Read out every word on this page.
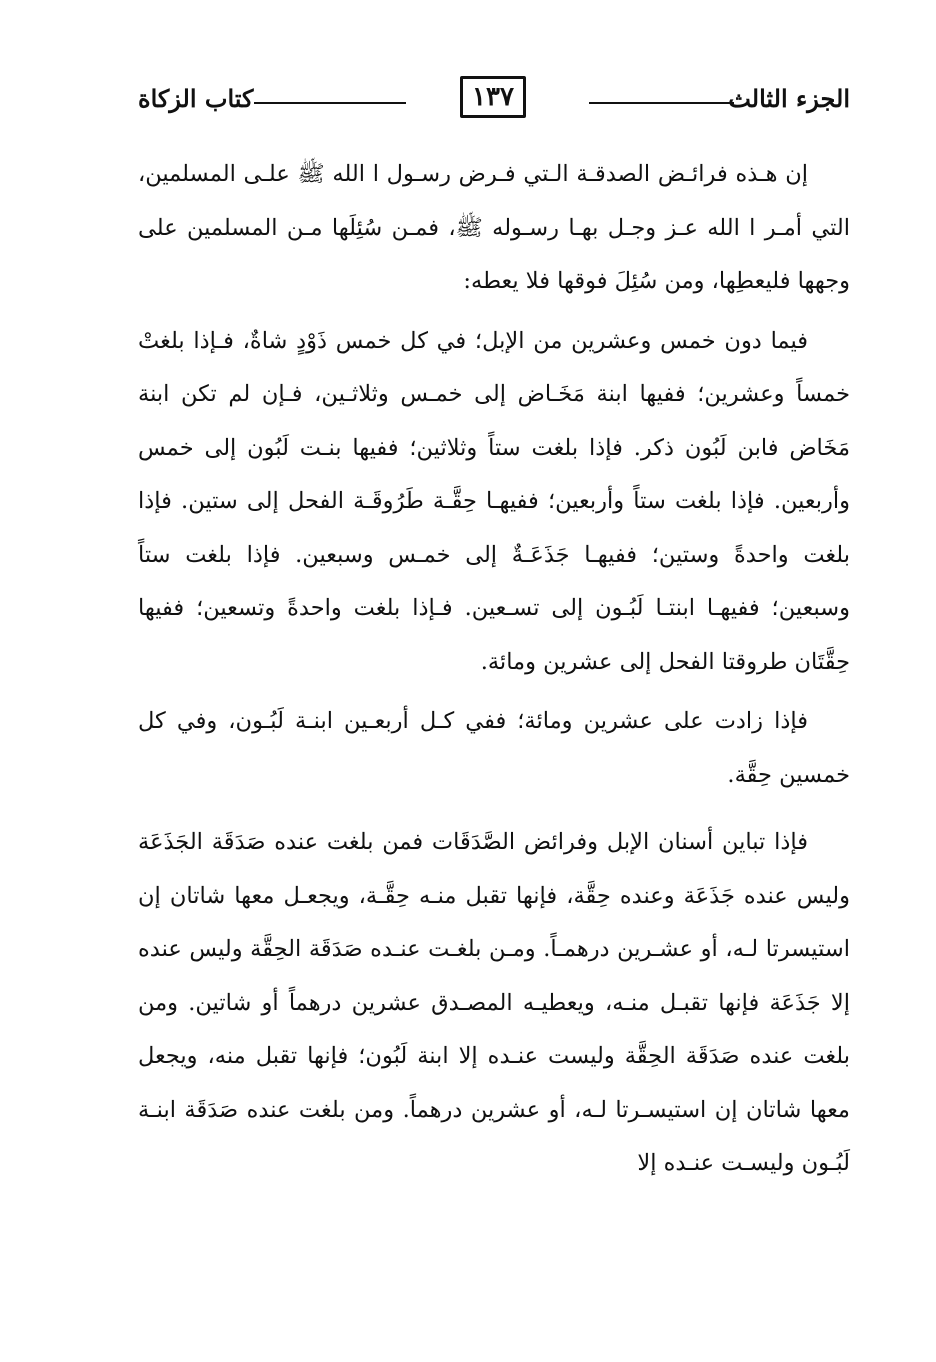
الجزء الثالث
١٣٧
كتاب الزكاة

إن هـذه فرائـض الصدقـة الـتي فـرض رسـول ا الله ﷺ علـى المسلمين، التي أمـر ا الله عـز وجـل بهـا رسـوله ﷺ، فمـن سُئِلَها مـن المسلمين على وجهها فليعطِها، ومن سُئِلَ فوقها فلا يعطه:

فيما دون خمس وعشرين من الإبل؛ في كل خمس ذَوْدٍ شاةٌ، فـإذا بلغتْ خمساً وعشرين؛ ففيها ابنة مَخَـاض إلى خمـس وثلاثـين، فـإن لم تكن ابنة مَخَاض فابن لَبُون ذكر. فإذا بلغت ستاً وثلاثين؛ ففيها بنـت لَبُون إلى خمس وأربعين. فإذا بلغت ستاً وأربعين؛ ففيهـا حِقَّـة طَرُوقَـة الفحل إلى ستين. فإذا بلغت واحدةً وستين؛ ففيهـا جَذَعَـةٌ إلى خمـس وسبعين. فإذا بلغت ستاً وسبعين؛ ففيهـا ابنتـا لَبُـون إلى تسـعين. فـإذا بلغت واحدةً وتسعين؛ ففيها حِقَّتَان طروقتا الفحل إلى عشرين ومائة.

فإذا زادت على عشرين ومائة؛ ففي كـل أربعـين ابنـة لَبُـون، وفي كل خمسين حِقَّة.

فإذا تباين أسنان الإبل وفرائض الصَّدَقَات فمن بلغت عنده صَدَقَة الجَذَعَة وليس عنده جَذَعَة وعنده حِقَّة، فإنها تقبل منـه حِقَّـة، ويجعـل معها شاتان إن استيسرتا لـه، أو عشـرين درهمـاً. ومـن بلغـت عنـده صَدَقَة الحِقَّة وليس عنده إلا جَذَعَة فإنها تقبـل منـه، ويعطيـه المصـدق عشرين درهماً أو شاتين. ومن بلغت عنده صَدَقَة الحِقَّة وليست عنـده إلا ابنة لَبُون؛ فإنها تقبل منه، ويجعل معها شاتان إن استيسـرتا لـه، أو عشرين درهماً. ومن بلغت عنده صَدَقَة ابنـة لَبُـون وليسـت عنـده إلا
